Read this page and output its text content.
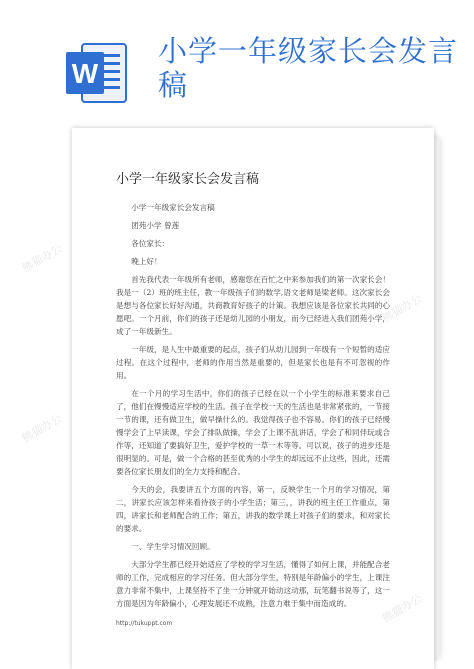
W
小学一年级家长会发言稿
小学一年级家长会发言稿
小学一年级家长会发言稿
团苑小学 曾莲
各位家长：
晚上好！
首先我代表一年级所有老师，感谢您在百忙之中来参加我们的第一次家长会！我是一（2）班的班主任，教一年级孩子们的数学,语文老师是梁老师。这次家长会是想与各位家长好好沟通，共商教育好孩子的计策。我想应该是各位家长共同的心愿吧。一个月前，你们的孩子还是幼儿园的小朋友，而今已经进入我们团苑小学，成了一年级新生。
一年级，是人生中最重要的起点，孩子们从幼儿园到一年级有一个短暂的适应过程。在这个过程中，老师的作用当然是重要的，但是家长也是有不可忽视的作用。
在一个月的学习生活中，你们的孩子已经在以一个小学生的标准来要求自己了，他们在慢慢适应学校的生活。孩子在学校一天的生活也是非常紧张的，一节接一节的课，还有做卫生，做早操什么的。我觉得孩子也不容易。你们的孩子已经慢慢学会了上早读课，学会了排队做操，学会了上课不乱讲话，学会了和同伴玩或合作等，还知道了要搞好卫生，爱护学校的一草一木等等。可以说，孩子的进步还是很明显的。可是，做一个合格的甚至优秀的小学生的却远远不止这些，因此，还需要各位家长朋友们的全力支持和配合。
今天的会，我要讲五个方面的内容，第一，反映学生一个月的学习情况，第二，讲家长应该怎样来看待孩子的小学生活；第三，，讲我的班主任工作重点，第四，讲家长和老师配合的工作；第五，讲我的数学课上对孩子们的要求，和对家长的要求。
一、学生学习情况回顾。
大部分学生都已经开始适应了学校的学习生活，懂得了如何上课，并能配合老师的工作，完成相应的学习任务。但大部分学生，特别是年龄偏小的学生，上课注意力非常不集中，上课坚持不了坐一分钟就开始动这动那，玩笔翻书说等了，这一方面是因为年龄偏小，心理发展还不成熟，注意力难于集中而造成的。
http://tukuppt.com
熊猫办公
熊猫办公
熊猫办公
熊猫办公
